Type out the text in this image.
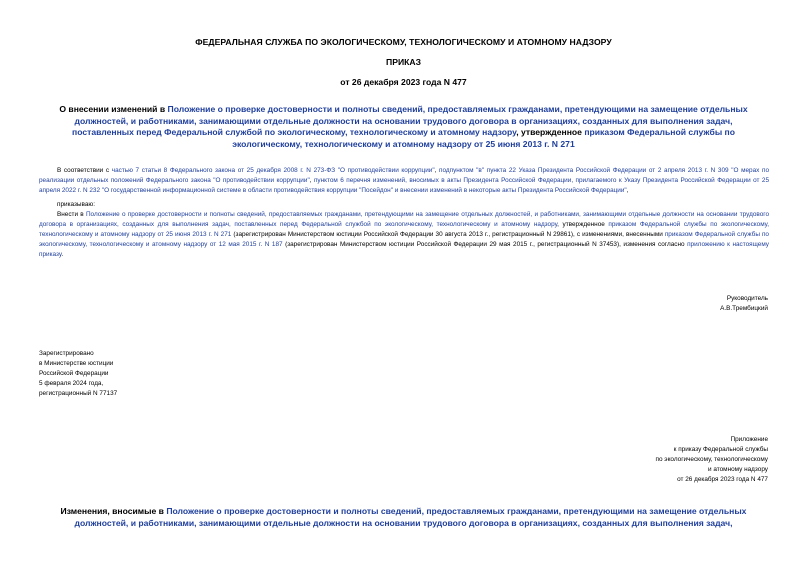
ФЕДЕРАЛЬНАЯ СЛУЖБА ПО ЭКОЛОГИЧЕСКОМУ, ТЕХНОЛОГИЧЕСКОМУ И АТОМНОМУ НАДЗОРУ
ПРИКАЗ
от 26 декабря 2023 года N 477
О внесении изменений в Положение о проверке достоверности и полноты сведений, предоставляемых гражданами, претендующими на замещение отдельных должностей, и работниками, занимающими отдельные должности на основании трудового договора в организациях, созданных для выполнения задач, поставленных перед Федеральной службой по экологическому, технологическому и атомному надзору, утвержденное приказом Федеральной службы по экологическому, технологическому и атомному надзору от 25 июня 2013 г. N 271
В соответствии с частью 7 статьи 8 Федерального закона от 25 декабря 2008 г. N 273-ФЗ "О противодействии коррупции", подпунктом "в" пункта 22 Указа Президента Российской Федерации от 2 апреля 2013 г. N 309 "О мерах по реализации отдельных положений Федерального закона "О противодействии коррупции", пунктом 6 перечня изменений, вносимых в акты Президента Российской Федерации, прилагаемого к Указу Президента Российской Федерации от 25 апреля 2022 г. N 232 "О государственной информационной системе в области противодействия коррупции "Посейдон" и внесении изменений в некоторые акты Президента Российской Федерации",
приказываю:
Внести в Положение о проверке достоверности и полноты сведений, предоставляемых гражданами, претендующими на замещение отдельных должностей, и работниками, занимающими отдельные должности на основании трудового договора в организациях, созданных для выполнения задач, поставленных перед Федеральной службой по экологическому, технологическому и атомному надзору, утвержденное приказом Федеральной службы по экологическому, технологическому и атомному надзору от 25 июня 2013 г. N 271 (зарегистрирован Министерством юстиции Российской Федерации 30 августа 2013 г., регистрационный N 29861), с изменениями, внесенными приказом Федеральной службы по экологическому, технологическому и атомному надзору от 12 мая 2015 г. N 187 (зарегистрирован Министерством юстиции Российской Федерации 29 мая 2015 г., регистрационный N 37453), изменения согласно приложению к настоящему приказу.
Руководитель
А.В.Трембицкий
Зарегистрировано
в Министерстве юстиции
Российской Федерации
5 февраля 2024 года,
регистрационный N 77137
Приложение
к приказу Федеральной службы
по экологическому, технологическому
и атомному надзору
от 26 декабря 2023 года N 477
Изменения, вносимые в Положение о проверке достоверности и полноты сведений, предоставляемых гражданами, претендующими на замещение отдельных должностей, и работниками, занимающими отдельные должности на основании трудового договора в организациях, созданных для выполнения задач,
